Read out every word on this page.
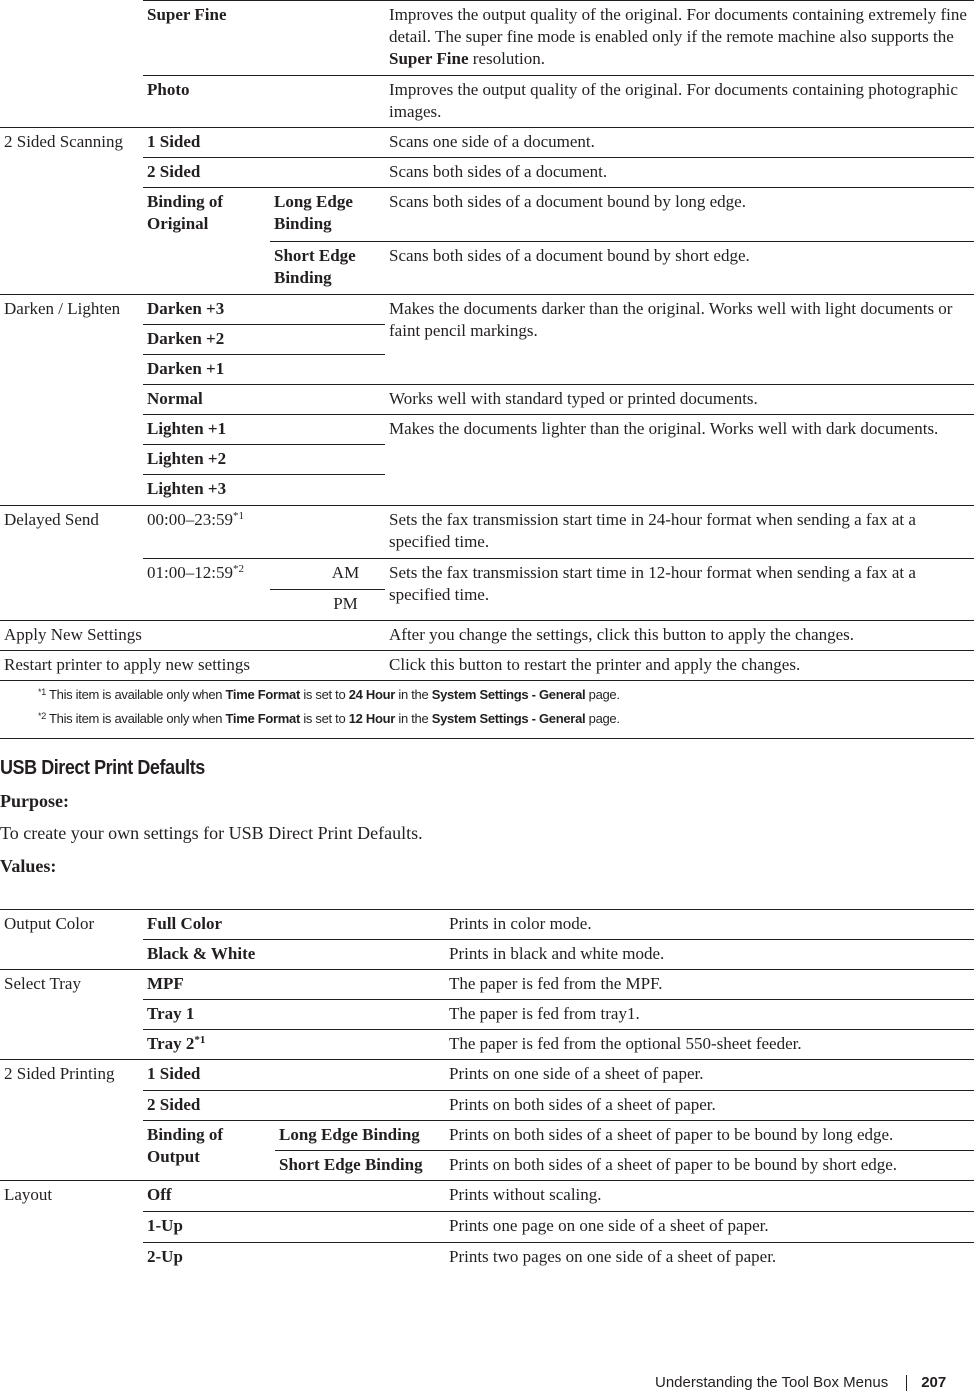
	Super Fine		Improves the output quality of the original. For documents containing extremely fine detail. The super fine mode is enabled only if the remote machine also supports the Super Fine resolution.
	Photo		Improves the output quality of the original. For documents containing photographic images.
2 Sided Scanning	1 Sided		Scans one side of a document.
	2 Sided		Scans both sides of a document.
	Binding of Original	Long Edge Binding	Scans both sides of a document bound by long edge.
		Short Edge Binding	Scans both sides of a document bound by short edge.
Darken / Lighten	Darken +3		Makes the documents darker than the original. Works well with light documents or faint pencil markings.
	Darken +2		
	Darken +1		
	Normal		Works well with standard typed or printed documents.
	Lighten +1		Makes the documents lighter than the original. Works well with dark documents.
	Lighten +2		
	Lighten +3		
Delayed Send	00:00–23:59$^{*1}$		Sets the fax transmission start time in 24-hour format when sending a fax at a specified time.
	01:00–12:59$^{*2}$	AM	Sets the fax transmission start time in 12-hour format when sending a fax at a specified time.
		PM	
Apply New Settings			After you change the settings, click this button to apply the changes.
Restart printer to apply new settings			Click this button to restart the printer and apply the changes.

$^{*1}$ This item is available only when Time Format is set to 24 Hour in the System Settings - General page.
$^{*2}$ This item is available only when Time Format is set to 12 Hour in the System Settings - General page.			
USB Direct Print Defaults

Purpose:

To create your own settings for USB Direct Print Defaults.

Values:

Output Color	Full Color		Prints in color mode.
	Black & White		Prints in black and white mode.
Select Tray	MPF		The paper is fed from the MPF.
	Tray 1		The paper is fed from tray1.
	Tray 2$^{*1}$		The paper is fed from the optional 550-sheet feeder.
2 Sided Printing	1 Sided		Prints on one side of a sheet of paper.
	2 Sided		Prints on both sides of a sheet of paper.
	Binding of Output	Long Edge Binding	Prints on both sides of a sheet of paper to be bound by long edge.
		Short Edge Binding	Prints on both sides of a sheet of paper to be bound by short edge.
Layout	Off		Prints without scaling.
	1-Up		Prints one page on one side of a sheet of paper.
	2-Up		Prints two pages on one side of a sheet of paper.
Understanding the Tool Box Menus 207
